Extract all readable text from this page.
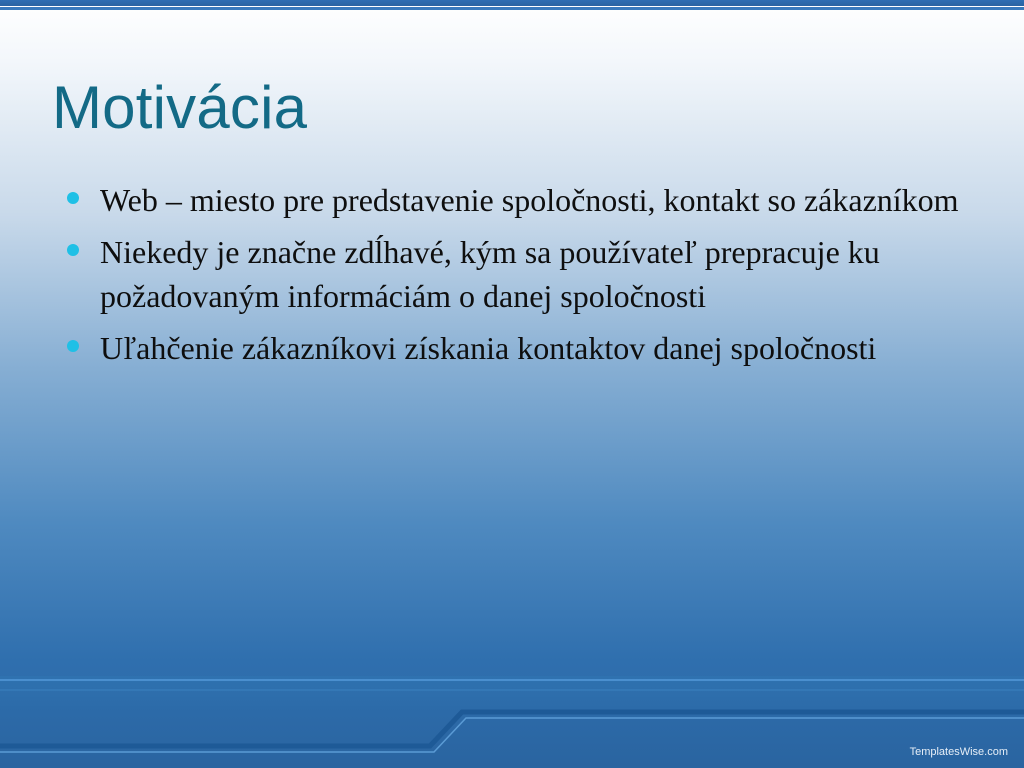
Motivácia
Web – miesto pre predstavenie spoločnosti, kontakt so zákazníkom
Niekedy je značne zdĺhavé, kým sa používateľ prepracuje ku požadovaným informáciám o danej spoločnosti
Uľahčenie zákazníkovi získania kontaktov danej spoločnosti
TemplatesWise.com
